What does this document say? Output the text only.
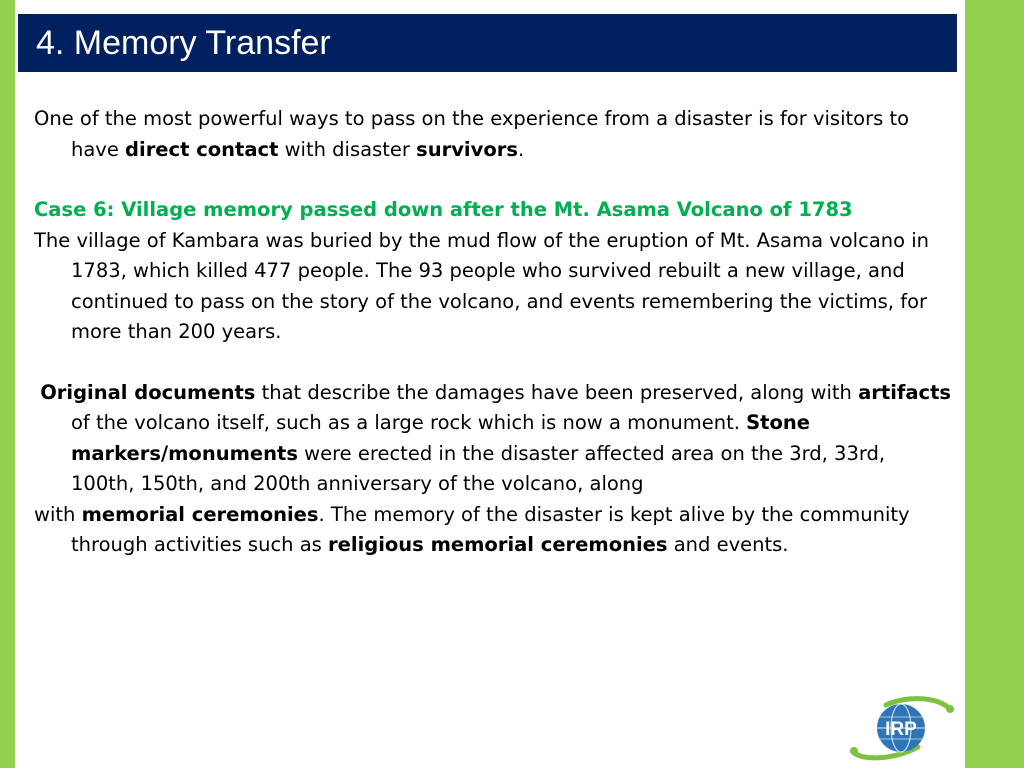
4. Memory Transfer

One of the most powerful ways to pass on the experience from a disaster is for visitors to have direct contact with disaster survivors.

Case 6: Village memory passed down after the Mt. Asama Volcano of 1783

The village of Kambara was buried by the mud flow of the eruption of Mt. Asama volcano in 1783, which killed 477 people. The 93 people who survived rebuilt a new village, and continued to pass on the story of the volcano, and events remembering the victims, for more than 200 years.

Original documents that describe the damages have been preserved, along with artifacts of the volcano itself, such as a large rock which is now a monument. Stone markers/monuments were erected in the disaster affected area on the 3rd, 33rd, 100th, 150th, and 200th anniversary of the volcano, along

with memorial ceremonies. The memory of the disaster is kept alive by the community through activities such as religious memorial ceremonies and events.

IRP
